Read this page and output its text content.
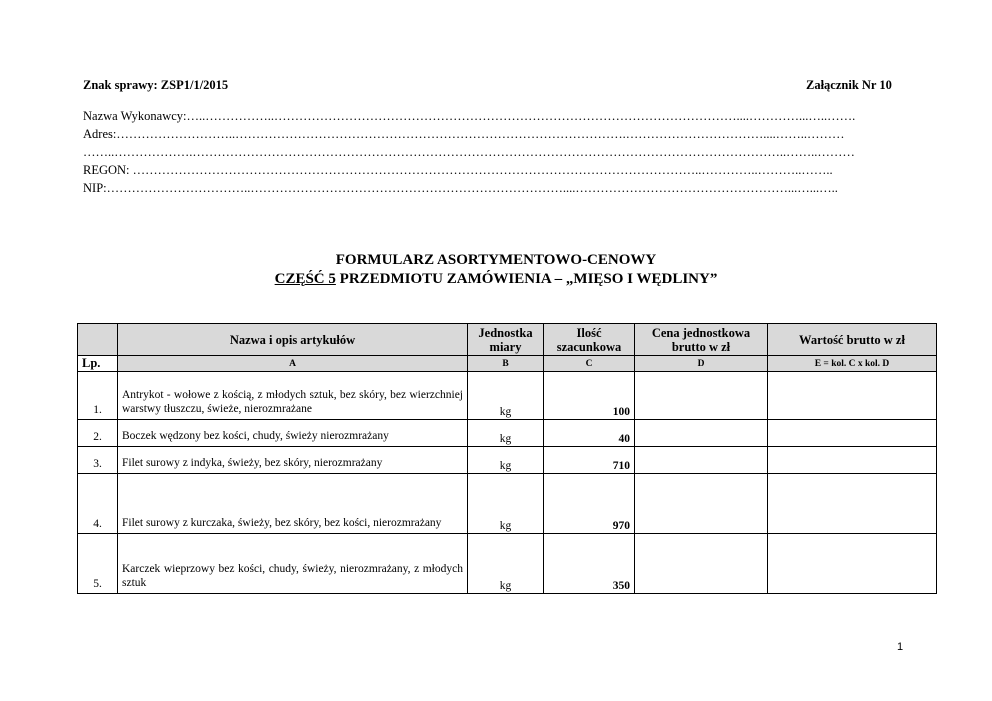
Znak sprawy: ZSP1/1/2015	Załącznik Nr 10
Nazwa Wykonawcy:…..……………..…………………………………………………………………………………………………....…………...…..…….
Adres:………………………..………………………………………………………………………………….……………………………....……..………
……..……………….……………………………………………………………………………………………………………………………..……..………
REGON: ………………………………………………………………………………………………………………………..…………..………..……..
NIP:……………………………..…………………………………………………………………....……………………………………………...…...…..
FORMULARZ ASORTYMENTOWO-CENOWY
CZĘŚĆ 5 PRZEDMIOTU ZAMÓWIENIA – „MIĘSO I WĘDLINY”
	Nazwa i opis artykułów	Jednostka miary	Ilość szacunkowa	Cena jednostkowa brutto w zł	Wartość brutto w zł
Lp.	A	B	C	D	E = kol. C x kol. D
1.	Antrykot - wołowe z kością, z młodych sztuk, bez skóry, bez wierzchniej warstwy tłuszczu, świeże, nierozmrażane	kg	100		
2.	Boczek wędzony bez kości, chudy, świeży nierozmrażany	kg	40		
3.	Filet surowy z indyka, świeży, bez skóry, nierozmrażany	kg	710		
4.	Filet surowy z kurczaka, świeży, bez skóry, bez kości, nierozmrażany	kg	970		
5.	Karczek wieprzowy bez kości, chudy, świeży, nierozmrażany, z młodych sztuk	kg	350		
1
